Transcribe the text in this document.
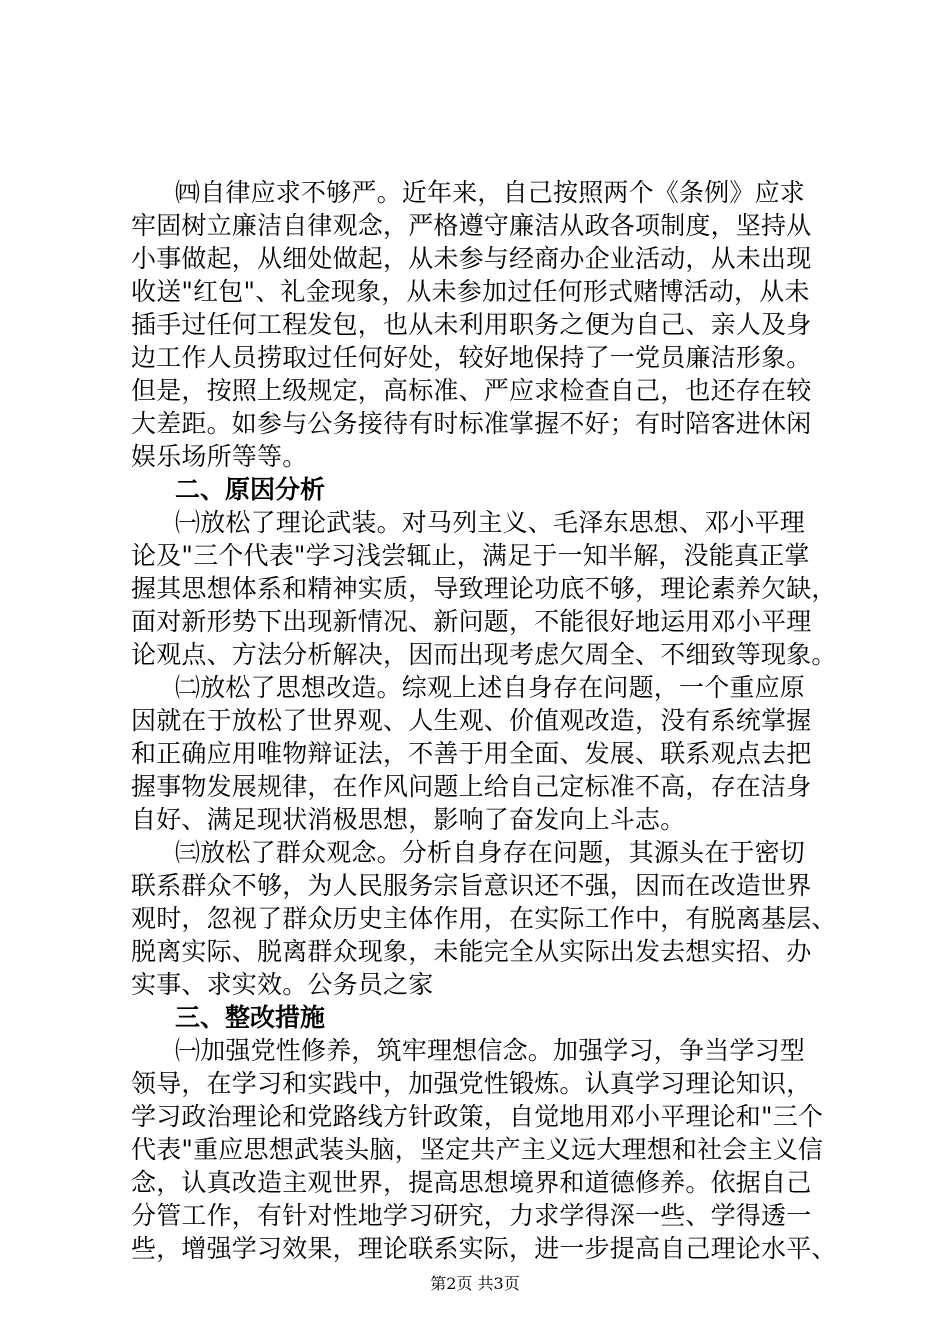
㈣自律应求不够严。近年来，自己按照两个《条例》应求
牢固树立廉洁自律观念，严格遵守廉洁从政各项制度，坚持从
小事做起，从细处做起，从未参与经商办企业活动，从未出现
收送"红包"、礼金现象，从未参加过任何形式赌博活动，从未
插手过任何工程发包，也从未利用职务之便为自己、亲人及身
边工作人员捞取过任何好处，较好地保持了一党员廉洁形象。
但是，按照上级规定，高标准、严应求检查自己，也还存在较
大差距。如参与公务接待有时标准掌握不好；有时陪客进休闲
娱乐场所等等。
二、原因分析
㈠放松了理论武装。对马列主义、毛泽东思想、邓小平理
论及"三个代表"学习浅尝辄止，满足于一知半解，没能真正掌
握其思想体系和精神实质，导致理论功底不够，理论素养欠缺，
面对新形势下出现新情况、新问题，不能很好地运用邓小平理
论观点、方法分析解决，因而出现考虑欠周全、不细致等现象。
㈡放松了思想改造。综观上述自身存在问题，一个重应原
因就在于放松了世界观、人生观、价值观改造，没有系统掌握
和正确应用唯物辩证法，不善于用全面、发展、联系观点去把
握事物发展规律，在作风问题上给自己定标准不高，存在洁身
自好、满足现状消极思想，影响了奋发向上斗志。
㈢放松了群众观念。分析自身存在问题，其源头在于密切
联系群众不够，为人民服务宗旨意识还不强，因而在改造世界
观时，忽视了群众历史主体作用，在实际工作中，有脱离基层、
脱离实际、脱离群众现象，未能完全从实际出发去想实招、办
实事、求实效。公务员之家
三、整改措施
㈠加强党性修养，筑牢理想信念。加强学习，争当学习型
领导，在学习和实践中，加强党性锻炼。认真学习理论知识，
学习政治理论和党路线方针政策，自觉地用邓小平理论和"三个
代表"重应思想武装头脑，坚定共产主义远大理想和社会主义信
念，认真改造主观世界，提高思想境界和道德修养。依据自己
分管工作，有针对性地学习研究，力求学得深一些、学得透一
些，增强学习效果，理论联系实际，进一步提高自己理论水平、
第2页 共3页
